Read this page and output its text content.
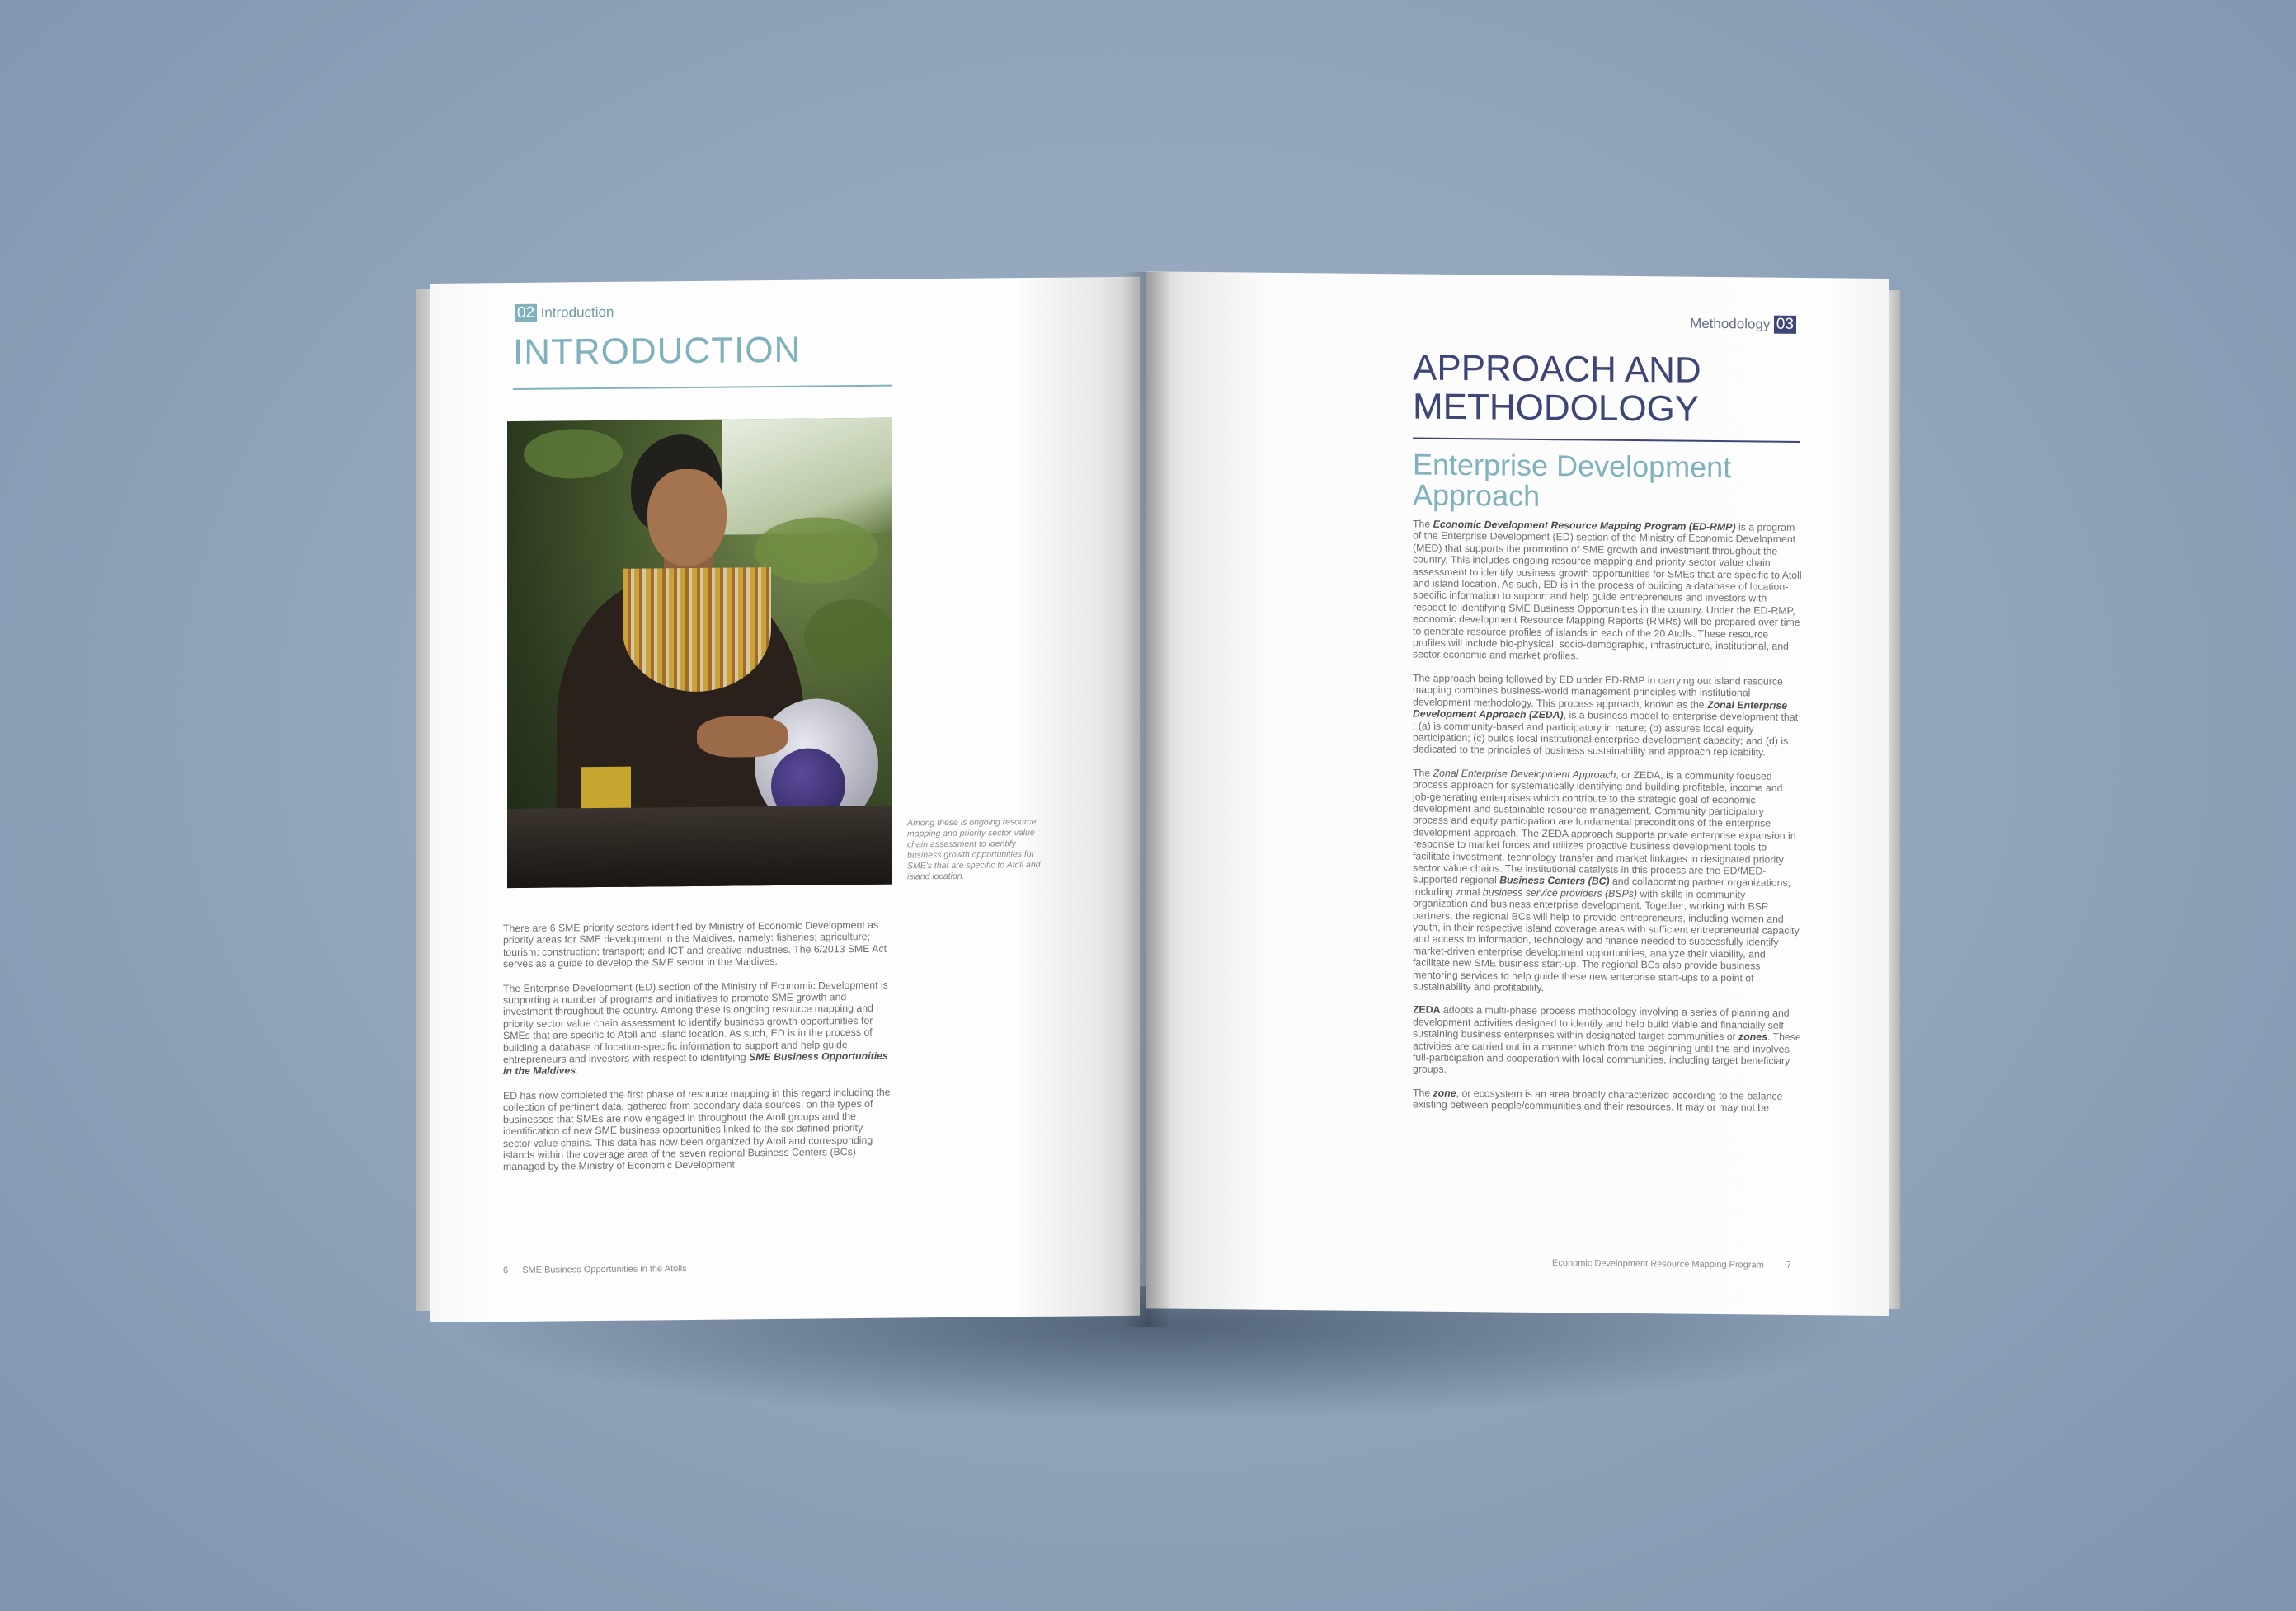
02 Introduction
INTRODUCTION
Among these is ongoing resource mapping and priority sector value chain assessment to identify business growth opportunities for SME's that are specific to Atoll and island location.

There are 6 SME priority sectors identified by Ministry of Economic Development as priority areas for SME development in the Maldives, namely: fisheries; agriculture; tourism; construction; transport; and ICT and creative industries. The 6/2013 SME Act serves as a guide to develop the SME sector in the Maldives.

The Enterprise Development (ED) section of the Ministry of Economic Development is supporting a number of programs and initiatives to promote SME growth and investment throughout the country. Among these is ongoing resource mapping and priority sector value chain assessment to identify business growth opportunities for SMEs that are specific to Atoll and island location. As such, ED is in the process of building a database of location-specific information to support and help guide entrepreneurs and investors with respect to identifying SME Business Opportunities in the Maldives.

ED has now completed the first phase of resource mapping in this regard including the collection of pertinent data, gathered from secondary data sources, on the types of businesses that SMEs are now engaged in throughout the Atoll groups and the identification of new SME business opportunities linked to the six defined priority sector value chains. This data has now been organized by Atoll and corresponding islands within the coverage area of the seven regional Business Centers (BCs) managed by the Ministry of Economic Development.

6 SME Business Opportunities in the Atolls
Methodology 03
APPROACH AND METHODOLOGY
Enterprise Development Approach

The Economic Development Resource Mapping Program (ED-RMP) is a program of the Enterprise Development (ED) section of the Ministry of Economic Development (MED) that supports the promotion of SME growth and investment throughout the country. This includes ongoing resource mapping and priority sector value chain assessment to identify business growth opportunities for SMEs that are specific to Atoll and island location. As such, ED is in the process of building a database of location-specific information to support and help guide entrepreneurs and investors with respect to identifying SME Business Opportunities in the country. Under the ED-RMP, economic development Resource Mapping Reports (RMRs) will be prepared over time to generate resource profiles of islands in each of the 20 Atolls. These resource profiles will include bio-physical, socio-demographic, infrastructure, institutional, and sector economic and market profiles.

The approach being followed by ED under ED-RMP in carrying out island resource mapping combines business-world management principles with institutional development methodology. This process approach, known as the Zonal Enterprise Development Approach (ZEDA), is a business model to enterprise development that : (a) is community-based and participatory in nature; (b) assures local equity participation; (c) builds local institutional enterprise development capacity; and (d) is dedicated to the principles of business sustainability and approach replicability.

The Zonal Enterprise Development Approach, or ZEDA, is a community focused process approach for systematically identifying and building profitable, income and job-generating enterprises which contribute to the strategic goal of economic development and sustainable resource management. Community participatory process and equity participation are fundamental preconditions of the enterprise development approach. The ZEDA approach supports private enterprise expansion in response to market forces and utilizes proactive business development tools to facilitate investment, technology transfer and market linkages in designated priority sector value chains. The institutional catalysts in this process are the ED/MED-supported regional Business Centers (BC) and collaborating partner organizations, including zonal business service providers (BSPs) with skills in community organization and business enterprise development. Together, working with BSP partners, the regional BCs will help to provide entrepreneurs, including women and youth, in their respective island coverage areas with sufficient entrepreneurial capacity and access to information, technology and finance needed to successfully identify market-driven enterprise development opportunities, analyze their viability, and facilitate new SME business start-up. The regional BCs also provide business mentoring services to help guide these new enterprise start-ups to a point of sustainability and profitability.

ZEDA adopts a multi-phase process methodology involving a series of planning and development activities designed to identify and help build viable and financially self-sustaining business enterprises within designated target communities or zones. These activities are carried out in a manner which from the beginning until the end involves full-participation and cooperation with local communities, including target beneficiary groups.

The zone, or ecosystem is an area broadly characterized according to the balance existing between people/communities and their resources. It may or may not be

Economic Development Resource Mapping Program 7
